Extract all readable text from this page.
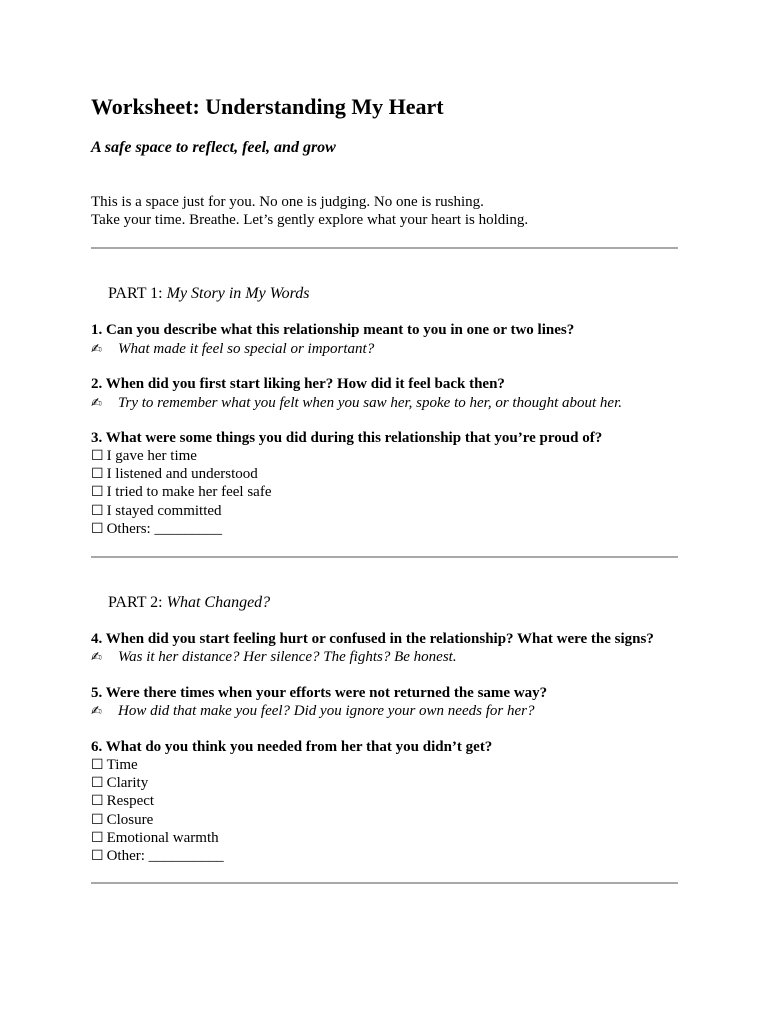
Worksheet: Understanding My Heart
A safe space to reflect, feel, and grow
This is a space just for you. No one is judging. No one is rushing.
Take your time. Breathe. Let’s gently explore what your heart is holding.
PART 1: My Story in My Words
1. Can you describe what this relationship meant to you in one or two lines?
✍ What made it feel so special or important?
2. When did you first start liking her? How did it feel back then?
✍ Try to remember what you felt when you saw her, spoke to her, or thought about her.
3. What were some things you did during this relationship that you’re proud of?
☐ I gave her time
☐ I listened and understood
☐ I tried to make her feel safe
☐ I stayed committed
☐ Others: _________
PART 2: What Changed?
4. When did you start feeling hurt or confused in the relationship? What were the signs?
✍ Was it her distance? Her silence? The fights? Be honest.
5. Were there times when your efforts were not returned the same way?
✍ How did that make you feel? Did you ignore your own needs for her?
6. What do you think you needed from her that you didn’t get?
☐ Time
☐ Clarity
☐ Respect
☐ Closure
☐ Emotional warmth
☐ Other: __________
